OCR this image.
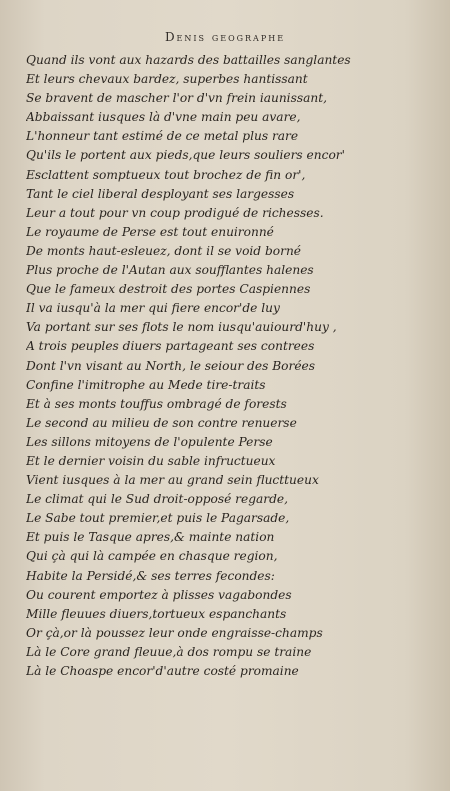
Denis geographe
Quand ils vont aux hazards des battailles sanglantes
Et leurs chevaux bardez, superbes hantissant
Se bravent de mascher l'or d'vn frein iaunissant,
Abbaissant iusques là d'vne main peu avare,
L'honneur tant estimé de ce metal plus rare
Qu'ils le portent aux pieds,que leurs souliers encor'
Esclattent somptueux tout brochez de fin or',
Tant le ciel liberal desployant ses largesses
Leur a tout pour vn coup prodigué de richesses.
Le royaume de Perse est tout enuironné
De monts haut-esleuez, dont il se void borné
Plus proche de l'Autan aux soufflantes halenes
Que le fameux destroit des portes Caspiennes
Il va iusqu'à la mer qui fiere encor'de luy
Va portant sur ses flots le nom iusqu'auiourd'huy ,
A trois peuples diuers partageant ses contrees
Dont l'vn visant au North, le seiour des Borées
Confine l'imitrophe au Mede tire-traits
Et à ses monts touffus ombragé de forests
Le second au milieu de son contre renuerse
Les sillons mitoyens de l'opulente Perse
Et le dernier voisin du sable infructueux
Vient iusques à la mer au grand sein flucttueux
Le climat qui le Sud droit-opposé regarde,
Le Sabe tout premier,et puis le Pagarsade,
Et puis le Tasque apres,& mainte nation
Qui çà qui là campée en chasque region,
Habite la Persidé,& ses terres fecondes:
Ou courent emportez à plisses vagabondes
Mille fleuues diuers,tortueux espanchants
Or çà,or là poussez leur onde engraisse-champs
Là le Core grand fleuue,à dos rompu se traine
Là le Choaspe encor'd'autre costé promaine
